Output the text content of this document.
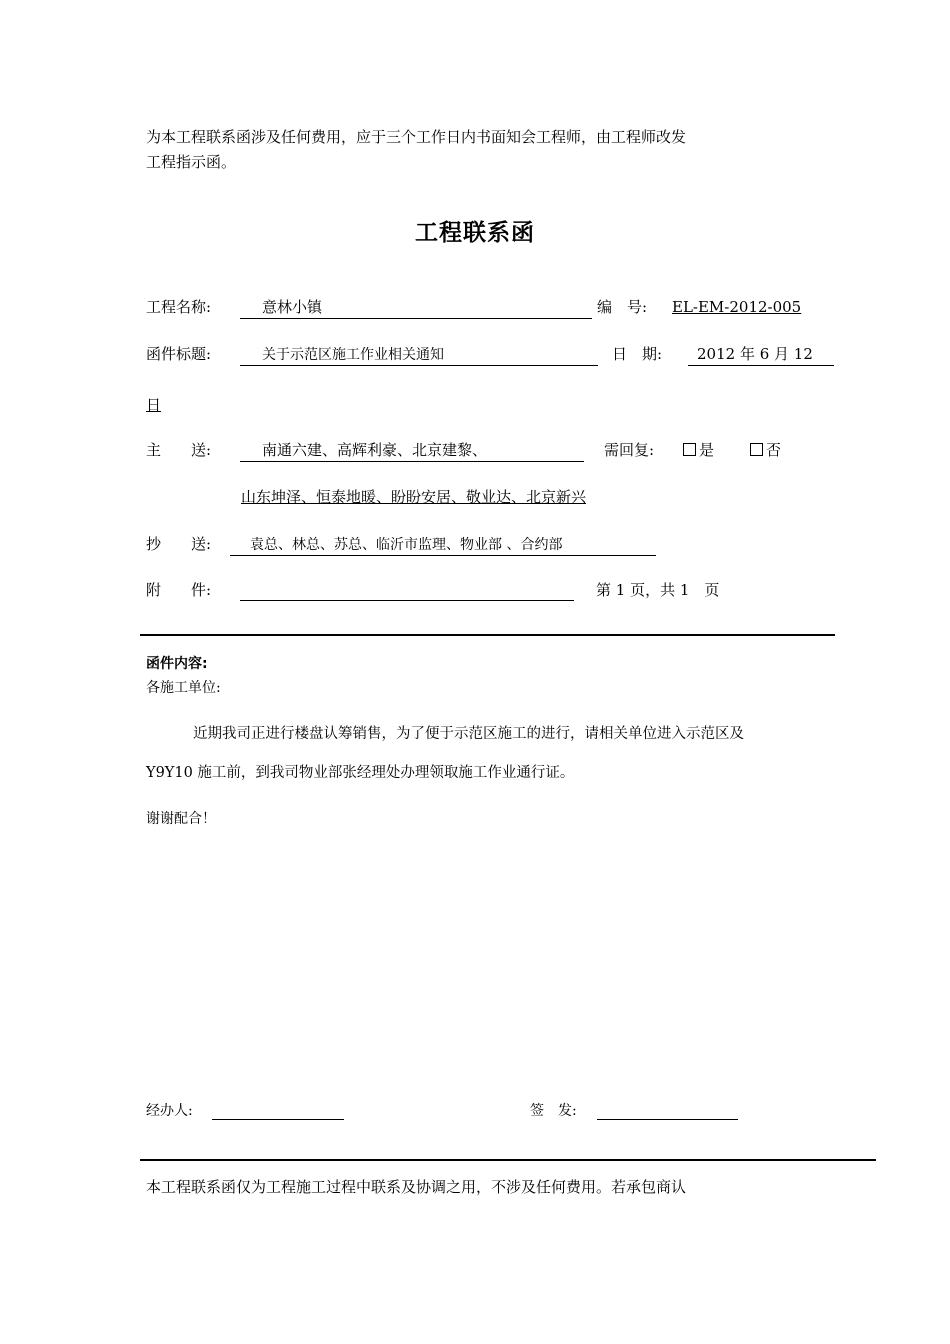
为本工程联系函涉及任何费用，应于三个工作日内书面知会工程师，由工程师改发
工程指示函。
工程联系函
工程名称:	意林小镇	编　号: EL-EM-2012-005
函件标题:	关于示范区施工作业相关通知	日　期: 2012 年 6 月 12
日
主　　送:	南通六建、高辉利豪、北京建黎、	需回复:	是	否
山东坤泽、恒泰地暖、盼盼安居、敬业达、北京新兴
抄　　送:	袁总、林总、苏总、临沂市监理、物业部 、合约部
附　　件:	第 1 页，共 1　页
函件内容:
各施工单位:
近期我司正进行楼盘认筹销售，为了便于示范区施工的进行，请相关单位进入示范区及
Y9Y10 施工前，到我司物业部张经理处办理领取施工作业通行证。
谢谢配合！
经办人:	签　发:
本工程联系函仅为工程施工过程中联系及协调之用，不涉及任何费用。若承包商认
